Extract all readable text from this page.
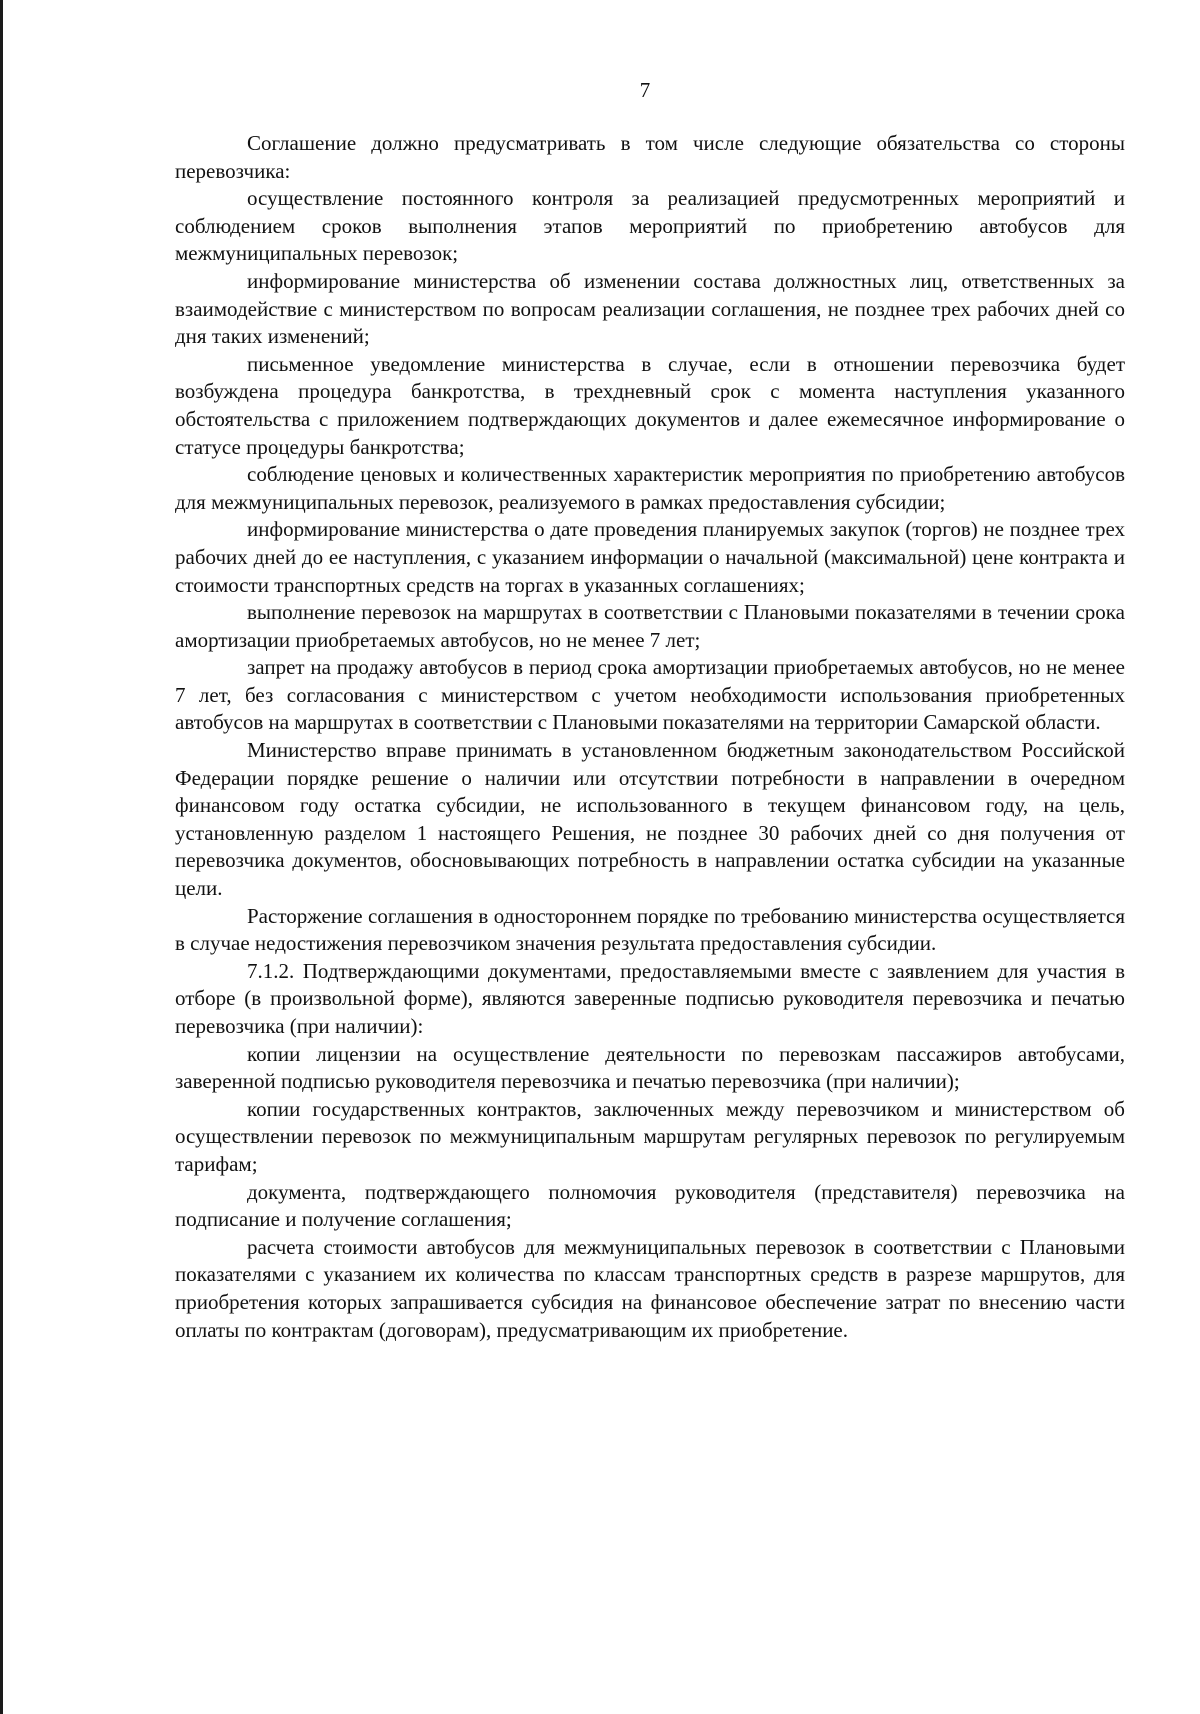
7

Соглашение должно предусматривать в том числе следующие обязательства со стороны перевозчика:

осуществление постоянного контроля за реализацией предусмотренных мероприятий и соблюдением сроков выполнения этапов мероприятий по приобретению автобусов для межмуниципальных перевозок;

информирование министерства об изменении состава должностных лиц, ответственных за взаимодействие с министерством по вопросам реализации соглашения, не позднее трех рабочих дней со дня таких изменений;

письменное уведомление министерства в случае, если в отношении перевозчика будет возбуждена процедура банкротства, в трехдневный срок с момента наступления указанного обстоятельства с приложением подтверждающих документов и далее ежемесячное информирование о статусе процедуры банкротства;

соблюдение ценовых и количественных характеристик мероприятия по приобретению автобусов для межмуниципальных перевозок, реализуемого в рамках предоставления субсидии;

информирование министерства о дате проведения планируемых закупок (торгов) не позднее трех рабочих дней до ее наступления, с указанием информации о начальной (максимальной) цене контракта и стоимости транспортных средств на торгах в указанных соглашениях;

выполнение перевозок на маршрутах в соответствии с Плановыми показателями в течении срока амортизации приобретаемых автобусов, но не менее 7 лет;

запрет на продажу автобусов в период срока амортизации приобретаемых автобусов, но не менее 7 лет, без согласования с министерством с учетом необходимости использования приобретенных автобусов на маршрутах в соответствии с Плановыми показателями на территории Самарской области.

Министерство вправе принимать в установленном бюджетным законодательством Российской Федерации порядке решение о наличии или отсутствии потребности в направлении в очередном финансовом году остатка субсидии, не использованного в текущем финансовом году, на цель, установленную разделом 1 настоящего Решения, не позднее 30 рабочих дней со дня получения от перевозчика документов, обосновывающих потребность в направлении остатка субсидии на указанные цели.

Расторжение соглашения в одностороннем порядке по требованию министерства осуществляется в случае недостижения перевозчиком значения результата предоставления субсидии.

7.1.2. Подтверждающими документами, предоставляемыми вместе с заявлением для участия в отборе (в произвольной форме), являются заверенные подписью руководителя перевозчика и печатью перевозчика (при наличии):

копии лицензии на осуществление деятельности по перевозкам пассажиров автобусами, заверенной подписью руководителя перевозчика и печатью перевозчика (при наличии);

копии государственных контрактов, заключенных между перевозчиком и министерством об осуществлении перевозок по межмуниципальным маршрутам регулярных перевозок по регулируемым тарифам;

документа, подтверждающего полномочия руководителя (представителя) перевозчика на подписание и получение соглашения;

расчета стоимости автобусов для межмуниципальных перевозок в соответствии с Плановыми показателями с указанием их количества по классам транспортных средств в разрезе маршрутов, для приобретения которых запрашивается субсидия на финансовое обеспечение затрат по внесению части оплаты по контрактам (договорам), предусматривающим их приобретение.
